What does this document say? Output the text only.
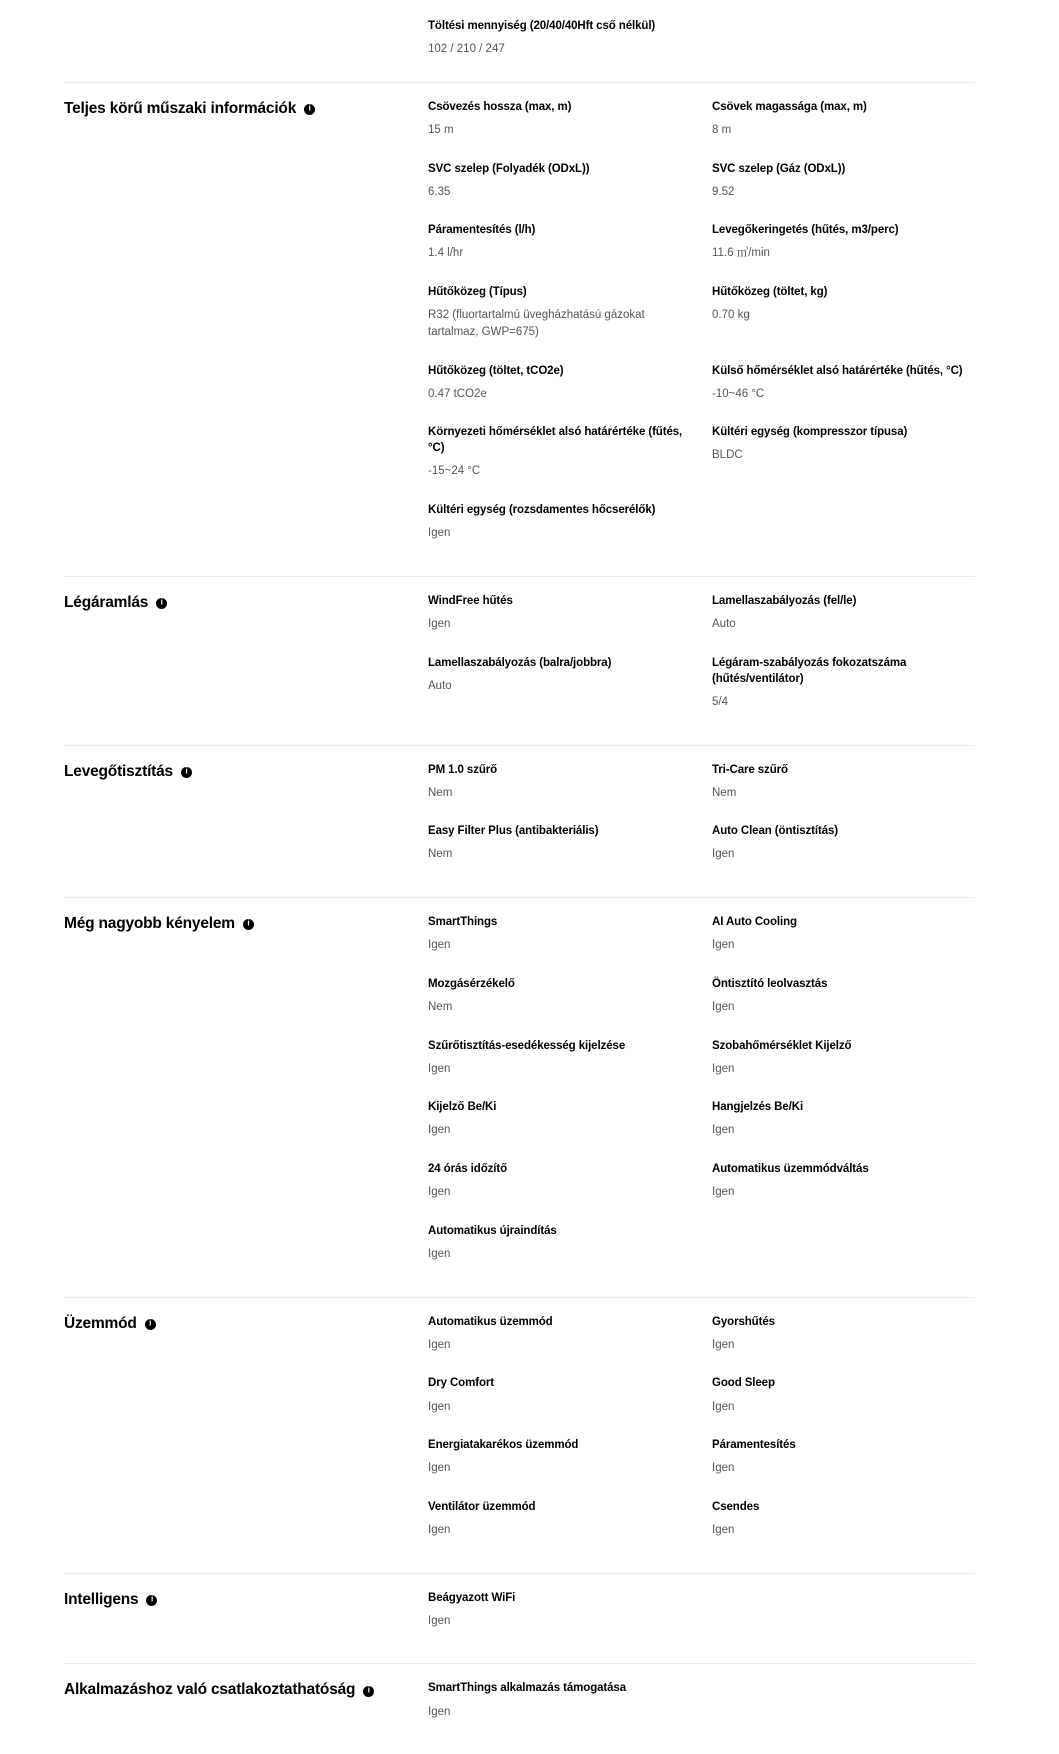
Töltési mennyiség (20/40/40Hft cső nélkül)
102 / 210 / 247
Teljes körű műszaki információk i	Csövezés hossza (max, m)
15 m
Csövek magassága (max, m)
8 m
SVC szelep (Folyadék (ODxL))
6.35
SVC szelep (Gáz (ODxL))
9.52
Páramentesítés (l/h)
1.4 l/hr
Levegőkeringetés (hűtés, m3/perc)
11.6 ㎥/min
Hűtőközeg (Típus)
R32 (fluortartalmú üvegházhatású gázokat tartalmaz, GWP=675)
Hűtőközeg (töltet, kg)
0.70 kg
Hűtőközeg (töltet, tCO2e)
0.47 tCO2e
Külső hőmérséklet alsó határértéke (hűtés, °C)
-10~46 °C
Környezeti hőmérséklet alsó határértéke (fűtés, °C)
-15~24 °C
Kültéri egység (kompresszor típusa)
BLDC
Kültéri egység (rozsdamentes hőcserélők)
Igen
Légáramlás i	WindFree hűtés
Igen
Lamellaszabályozás (fel/le)
Auto
Lamellaszabályozás (balra/jobbra)
Auto
Légáram-szabályozás fokozatszáma (hűtés/ventilátor)
5/4
Levegőtisztítás i	PM 1.0 szűrő
Nem
Tri-Care szűrő
Nem
Easy Filter Plus (antibakteriális)
Nem
Auto Clean (öntisztítás)
Igen
Még nagyobb kényelem i	SmartThings
Igen
AI Auto Cooling
Igen
Mozgásérzékelő
Nem
Öntisztító leolvasztás
Igen
Szűrőtisztítás-esedékesség kijelzése
Igen
Szobahőmérséklet Kijelző
Igen
Kijelző Be/Ki
Igen
Hangjelzés Be/Ki
Igen
24 órás időzítő
Igen
Automatikus üzemmódváltás
Igen
Automatikus újraindítás
Igen
Üzemmód i	Automatikus üzemmód
Igen
Gyorshűtés
Igen
Dry Comfort
Igen
Good Sleep
Igen
Energiatakarékos üzemmód
Igen
Páramentesítés
Igen
Ventilátor üzemmód
Igen
Csendes
Igen
Intelligens i	Beágyazott WiFi
Igen
Alkalmazáshoz való csatlakoztathatóság i	SmartThings alkalmazás támogatása
Igen
